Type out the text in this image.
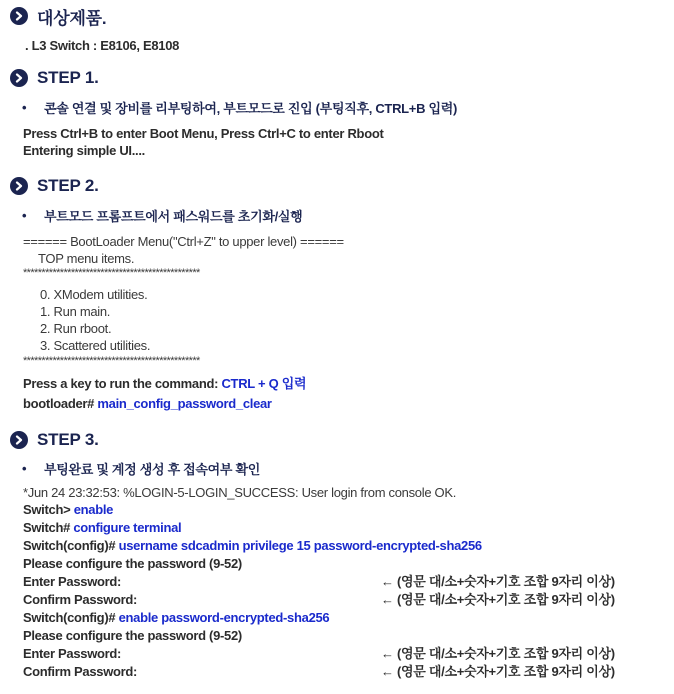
대상제품.
. L3 Switch : E8106, E8108
STEP 1.
•	콘솔 연결 및 장비를 리부팅하여, 부트모드로 진입 (부팅직후, CTRL+B 입력)
Press Ctrl+B to enter Boot Menu, Press Ctrl+C to enter Rboot
Entering simple UI....
STEP 2.
•	부트모드 프롬프트에서 패스워드를 초기화/실행
====== BootLoader Menu("Ctrl+Z" to upper level) ======
TOP menu items.
************************************************
0. XModem utilities.
1. Run main.
2. Run rboot.
3. Scattered utilities.
************************************************
Press a key to run the command: CTRL + Q 입력
bootloader# main_config_password_clear
STEP 3.
•	부팅완료 및 계정 생성 후 접속여부 확인
*Jun 24 23:32:53: %LOGIN-5-LOGIN_SUCCESS: User login from console OK.
Switch> enable
Switch# configure terminal
Switch(config)# username sdcadmin privilege 15 password-encrypted-sha256
Please configure the password (9-52)
Enter Password:	← (영문 대/소+숫자+기호 조합 9자리 이상)
Confirm Password:	← (영문 대/소+숫자+기호 조합 9자리 이상)
Switch(config)# enable password-encrypted-sha256
Please configure the password (9-52)
Enter Password:	← (영문 대/소+숫자+기호 조합 9자리 이상)
Confirm Password:	← (영문 대/소+숫자+기호 조합 9자리 이상)
